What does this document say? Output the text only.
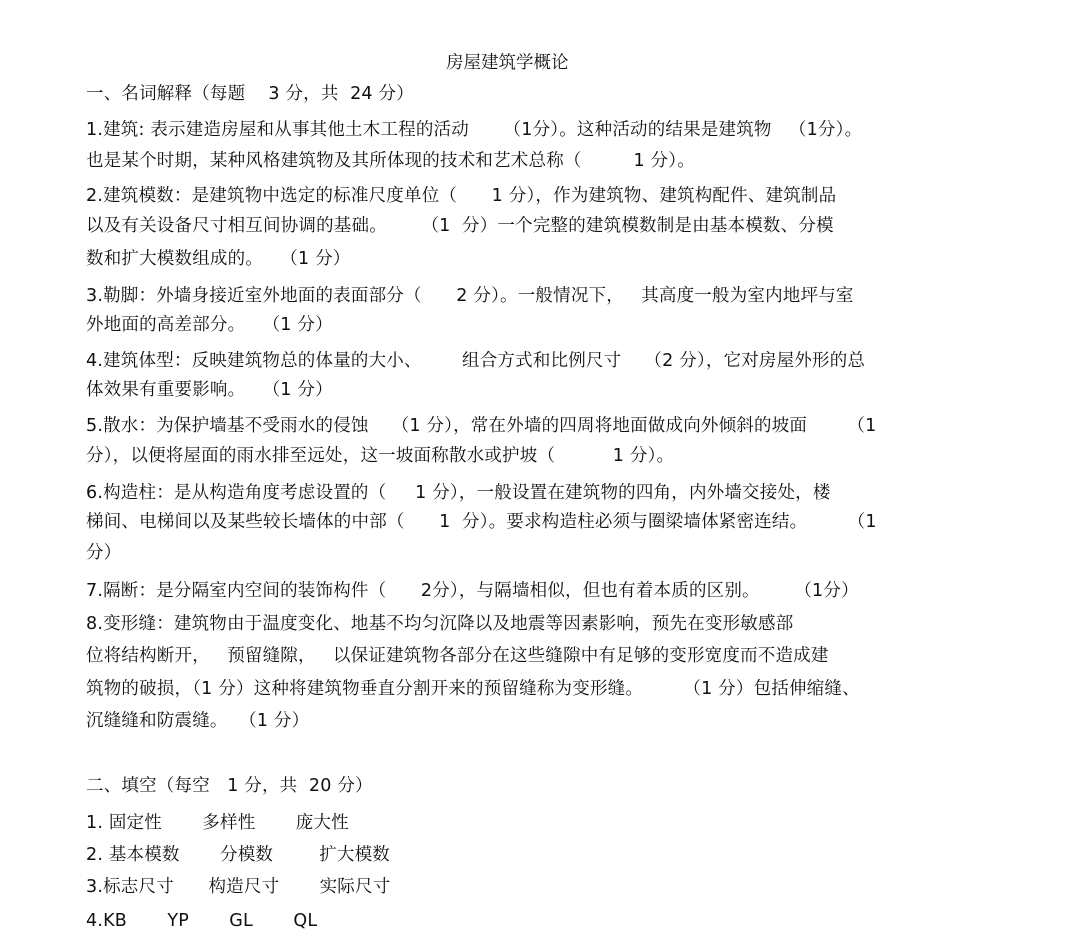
房屋建筑学概论
一、名词解释（每题    3 分，共  24 分）
1.建筑: 表示建造房屋和从事其他土木工程的活动      （1分）。这种活动的结果是建筑物   （1分）。
也是某个时期，某种风格建筑物及其所体现的技术和艺术总称（         1 分）。
2.建筑模数：是建筑物中选定的标准尺度单位（      1 分），作为建筑物、建筑构配件、建筑制品
以及有关设备尺寸相互间协调的基础。      （1  分）一个完整的建筑模数制是由基本模数、分模
数和扩大模数组成的。   （1 分）
3.勒脚：外墙身接近室外地面的表面部分（      2 分）。一般情况下，   其高度一般为室内地坪与室
外地面的高差部分。   （1 分）
4.建筑体型：反映建筑物总的体量的大小、       组合方式和比例尺寸    （2 分），它对房屋外形的总
体效果有重要影响。   （1 分）
5.散水：为保护墙基不受雨水的侵蚀    （1 分），常在外墙的四周将地面做成向外倾斜的坡面       （1
分），以便将屋面的雨水排至远处，这一坡面称散水或护坡（          1 分）。
6.构造柱：是从构造角度考虑设置的（     1 分），一般设置在建筑物的四角，内外墙交接处，楼
梯间、电梯间以及某些较长墙体的中部（      1  分）。要求构造柱必须与圈梁墙体紧密连结。       （1
分）
7.隔断：是分隔室内空间的装饰构件（      2分），与隔墙相似，但也有着本质的区别。      （1分）
8.变形缝：建筑物由于温度变化、地基不均匀沉降以及地震等因素影响，预先在变形敏感部
位将结构断开，   预留缝隙，   以保证建筑物各部分在这些缝隙中有足够的变形宽度而不造成建
筑物的破损，（1 分）这种将建筑物垂直分割开来的预留缝称为变形缝。       （1 分）包括伸缩缝、
沉缝缝和防震缝。  （1 分）
二、填空（每空   1 分，共  20 分）
1. 固定性       多样性       庞大性
2. 基本模数       分模数        扩大模数
3.标志尺寸      构造尺寸       实际尺寸
4.KB       YP       GL       QL
